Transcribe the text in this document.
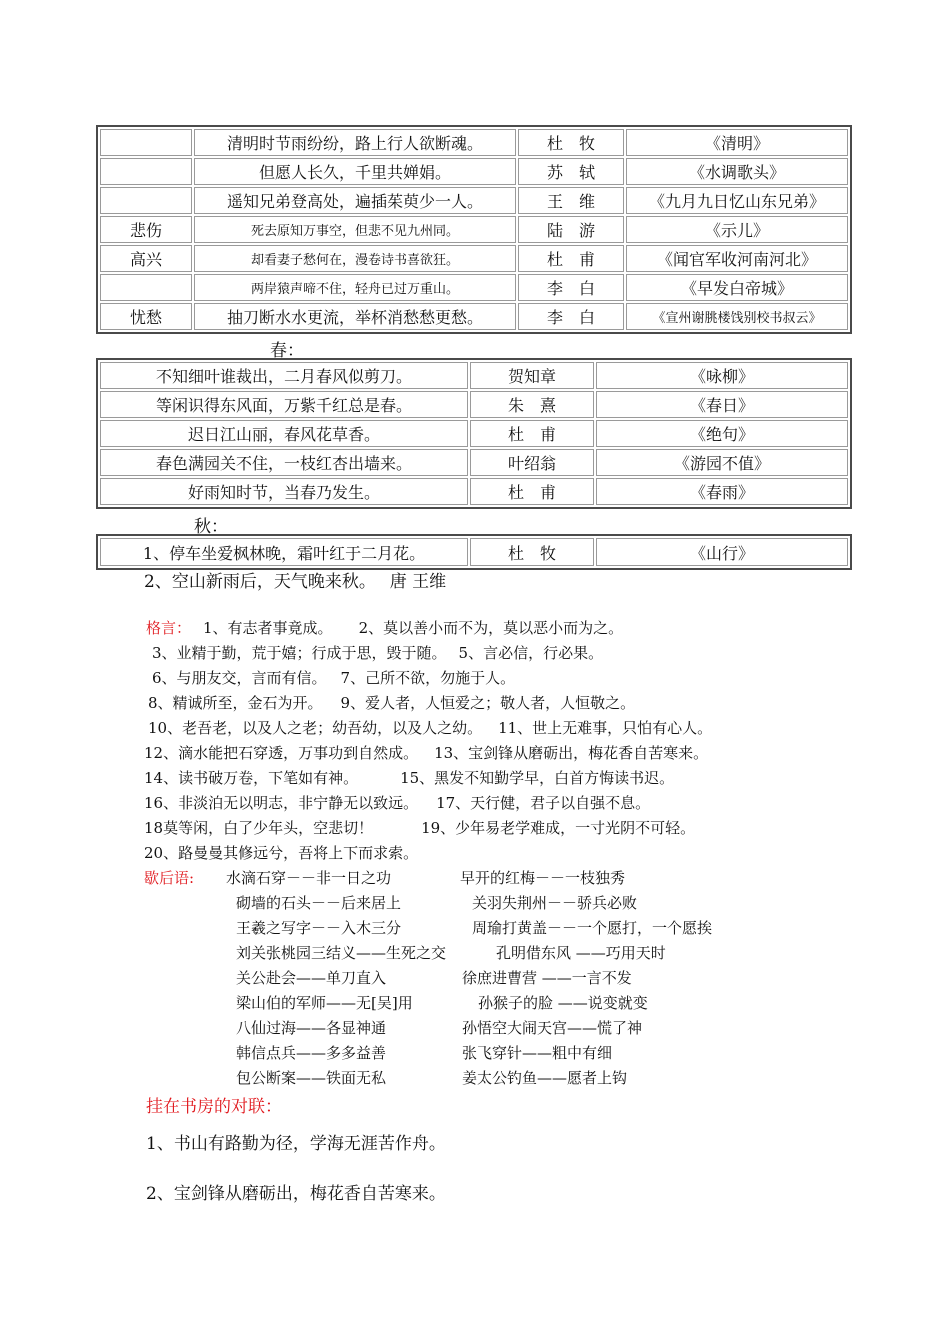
	清明时节雨纷纷，路上行人欲断魂。	杜　牧	《清明》
	但愿人长久，千里共婵娟。	苏　轼	《水调歌头》
	遥知兄弟登高处，遍插茱萸少一人。	王　维	《九月九日忆山东兄弟》
悲伤	死去原知万事空，但悲不见九州同。	陆　游	《示儿》
高兴	却看妻子愁何在，漫卷诗书喜欲狂。	杜　甫	《闻官军收河南河北》
	两岸猿声啼不住，轻舟已过万重山。	李　白	《早发白帝城》
忧愁	抽刀断水水更流，举杯消愁愁更愁。	李　白	《宣州谢朓楼饯别校书叔云》
春：
不知细叶谁裁出，二月春风似剪刀。	贺知章	《咏柳》
等闲识得东风面，万紫千红总是春。	朱　熹	《春日》
迟日江山丽，春风花草香。	杜　甫	《绝句》
春色满园关不住，一枝红杏出墙来。	叶绍翁	《游园不值》
好雨知时节，当春乃发生。	杜　甫	《春雨》
秋：
1、停车坐爱枫林晚，霜叶红于二月花。	杜　牧	《山行》
2、空山新雨后，天气晚来秋。　 唐 王维
格言： 1、有志者事竟成。 2、莫以善小而不为，莫以恶小而为之。
3、业精于勤，荒于嬉；行成于思，毁于随。 5、言必信，行必果。
6、与朋友交，言而有信。 7、己所不欲，勿施于人。
8、精诚所至，金石为开。 9、爱人者，人恒爱之；敬人者，人恒敬之。
10、老吾老，以及人之老；幼吾幼，以及人之幼。 11、世上无难事，只怕有心人。
12、滴水能把石穿透，万事功到自然成。 13、宝剑锋从磨砺出，梅花香自苦寒来。
14、读书破万卷，下笔如有神。	15、黑发不知勤学早，白首方悔读书迟。
16、非淡泊无以明志，非宁静无以致远。 17、天行健，君子以自强不息。
18莫等闲，白了少年头，空悲切！	19、少年易老学难成，一寸光阴不可轻。
20、路曼曼其修远兮，吾将上下而求索。
歇后语: 水滴石穿－－非一日之功	早开的红梅－－一枝独秀
砌墙的石头－－后来居上	关羽失荆州－－骄兵必败
王羲之写字－－入木三分	周瑜打黄盖－－一个愿打，一个愿挨
刘关张桃园三结义——生死之交	孔明借东风 ——巧用天时
关公赴会——单刀直入	徐庶进曹营 ——一言不发
梁山伯的军师——无[吴]用	孙猴子的脸 ——说变就变
八仙过海——各显神通	孙悟空大闹天宫——慌了神
韩信点兵——多多益善	张飞穿针——粗中有细
包公断案——铁面无私	姜太公钓鱼——愿者上钩
挂在书房的对联：
1、书山有路勤为径，学海无涯苦作舟。
2、宝剑锋从磨砺出，梅花香自苦寒来。
